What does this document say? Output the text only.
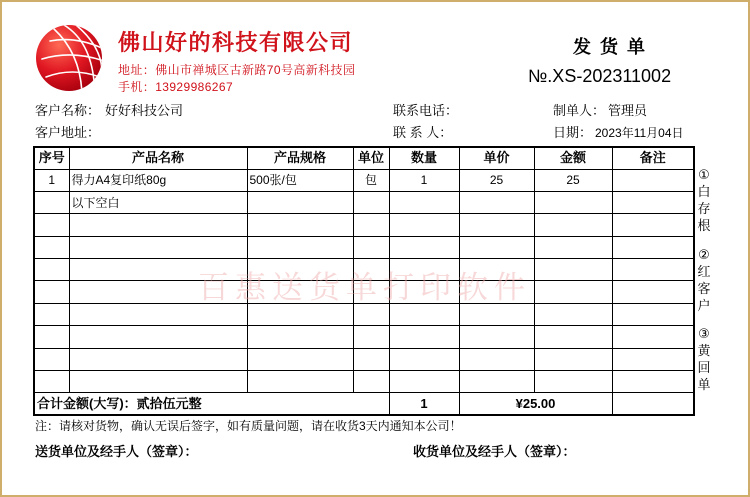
佛山好的科技有限公司
地址：佛山市禅城区古新路70号高新科技园
手机：13929986267
发 货 单
№.XS-202311002
客户名称： 好好科技公司	联系电话：	制单人： 管理员
客户地址：	联 系 人：	日期： 2023年11月04日
序号	产品名称	产品规格	单位	数量	单价	金额	备注
1	得力A4复印纸80g	500张/包	包	1	25	25	
	以下空白						

合计金额(大写)：贰拾伍元整				1	¥25.00		
①白存根
②红客户
③黄回单
百惠送货单打印软件
注：请核对货物，确认无误后签字，如有质量问题，请在收货3天内通知本公司！
送货单位及经手人（签章）：	收货单位及经手人（签章）：
